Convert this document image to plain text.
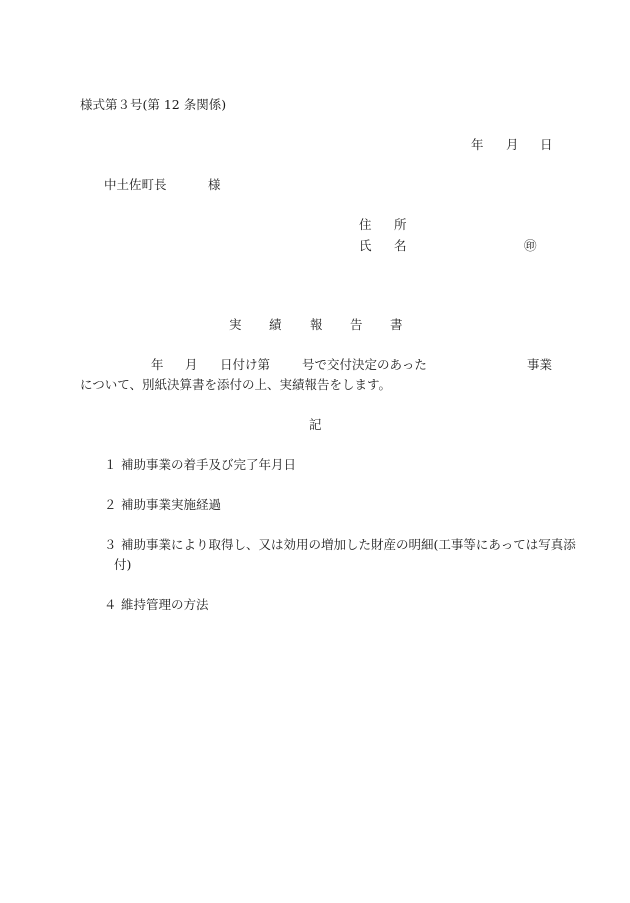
様式第３号(第 12 条関係)
年 月 日
中土佐町長	様
住 所
氏 名	㊞
実 績 報 告 書
年 月 日付け第	号で交付決定のあった	事業
について、別紙決算書を添付の上、実績報告をします。
記
１ 補助事業の着手及び完了年月日
２ 補助事業実施経過
３ 補助事業により取得し、又は効用の増加した財産の明細(工事等にあっては写真添
付)
４ 維持管理の方法
